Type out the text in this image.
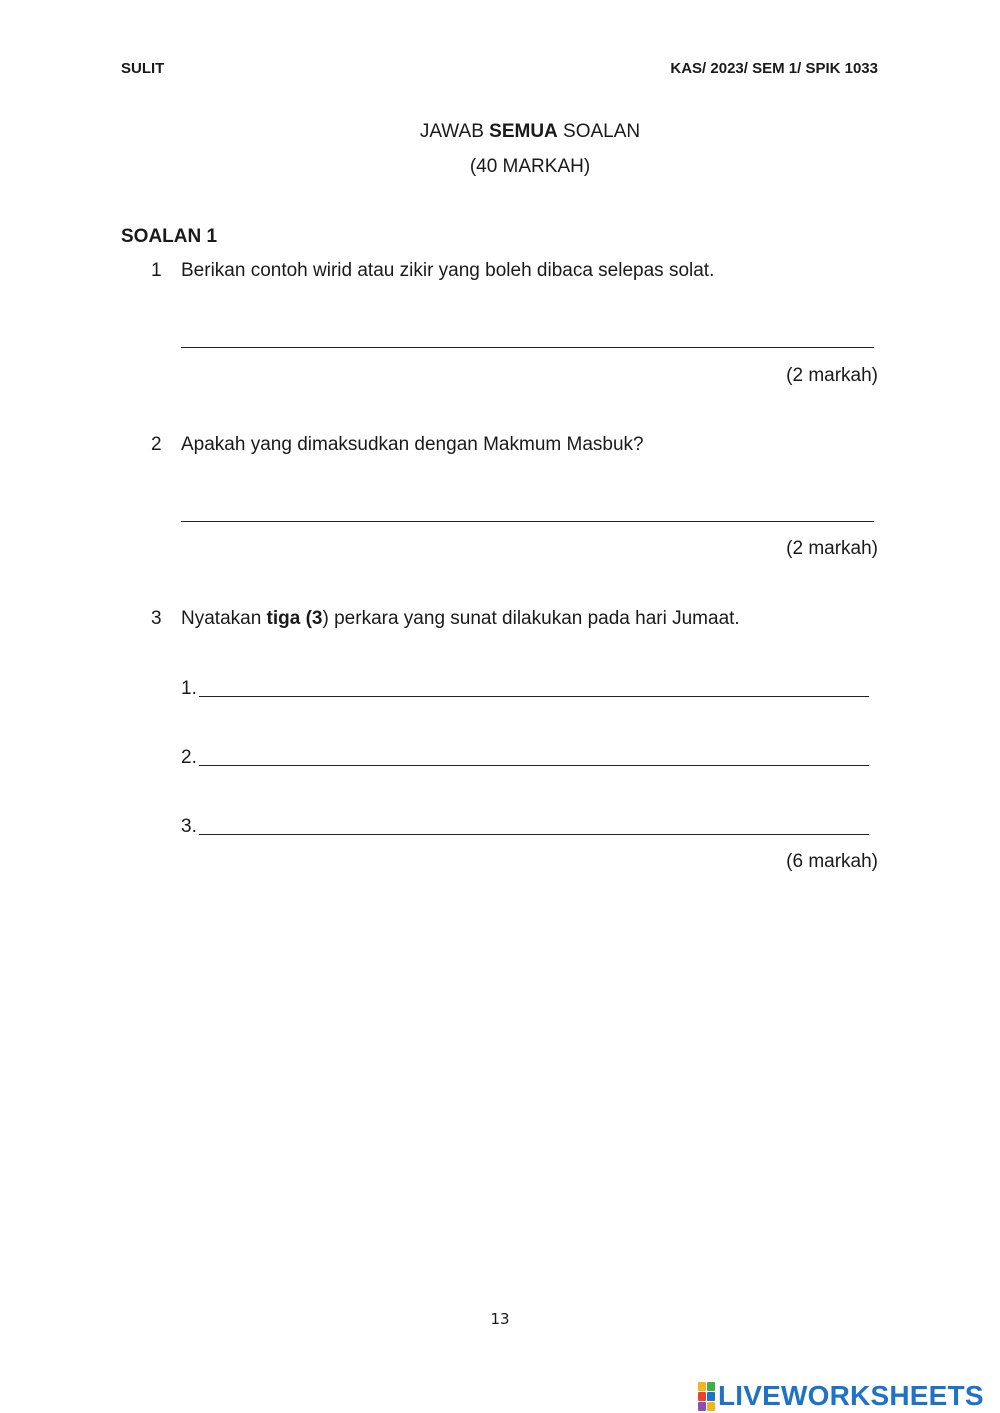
SULIT	KAS/ 2023/ SEM 1/ SPIK 1033
JAWAB SEMUA SOALAN
(40 MARKAH)
SOALAN 1
1 Berikan contoh wirid atau zikir yang boleh dibaca selepas solat.
(2 markah)
2 Apakah yang dimaksudkan dengan Makmum Masbuk?
(2 markah)
3 Nyatakan tiga (3) perkara yang sunat dilakukan pada hari Jumaat.
1.
2.
3.
(6 markah)
13
LIVEWORKSHEETS
